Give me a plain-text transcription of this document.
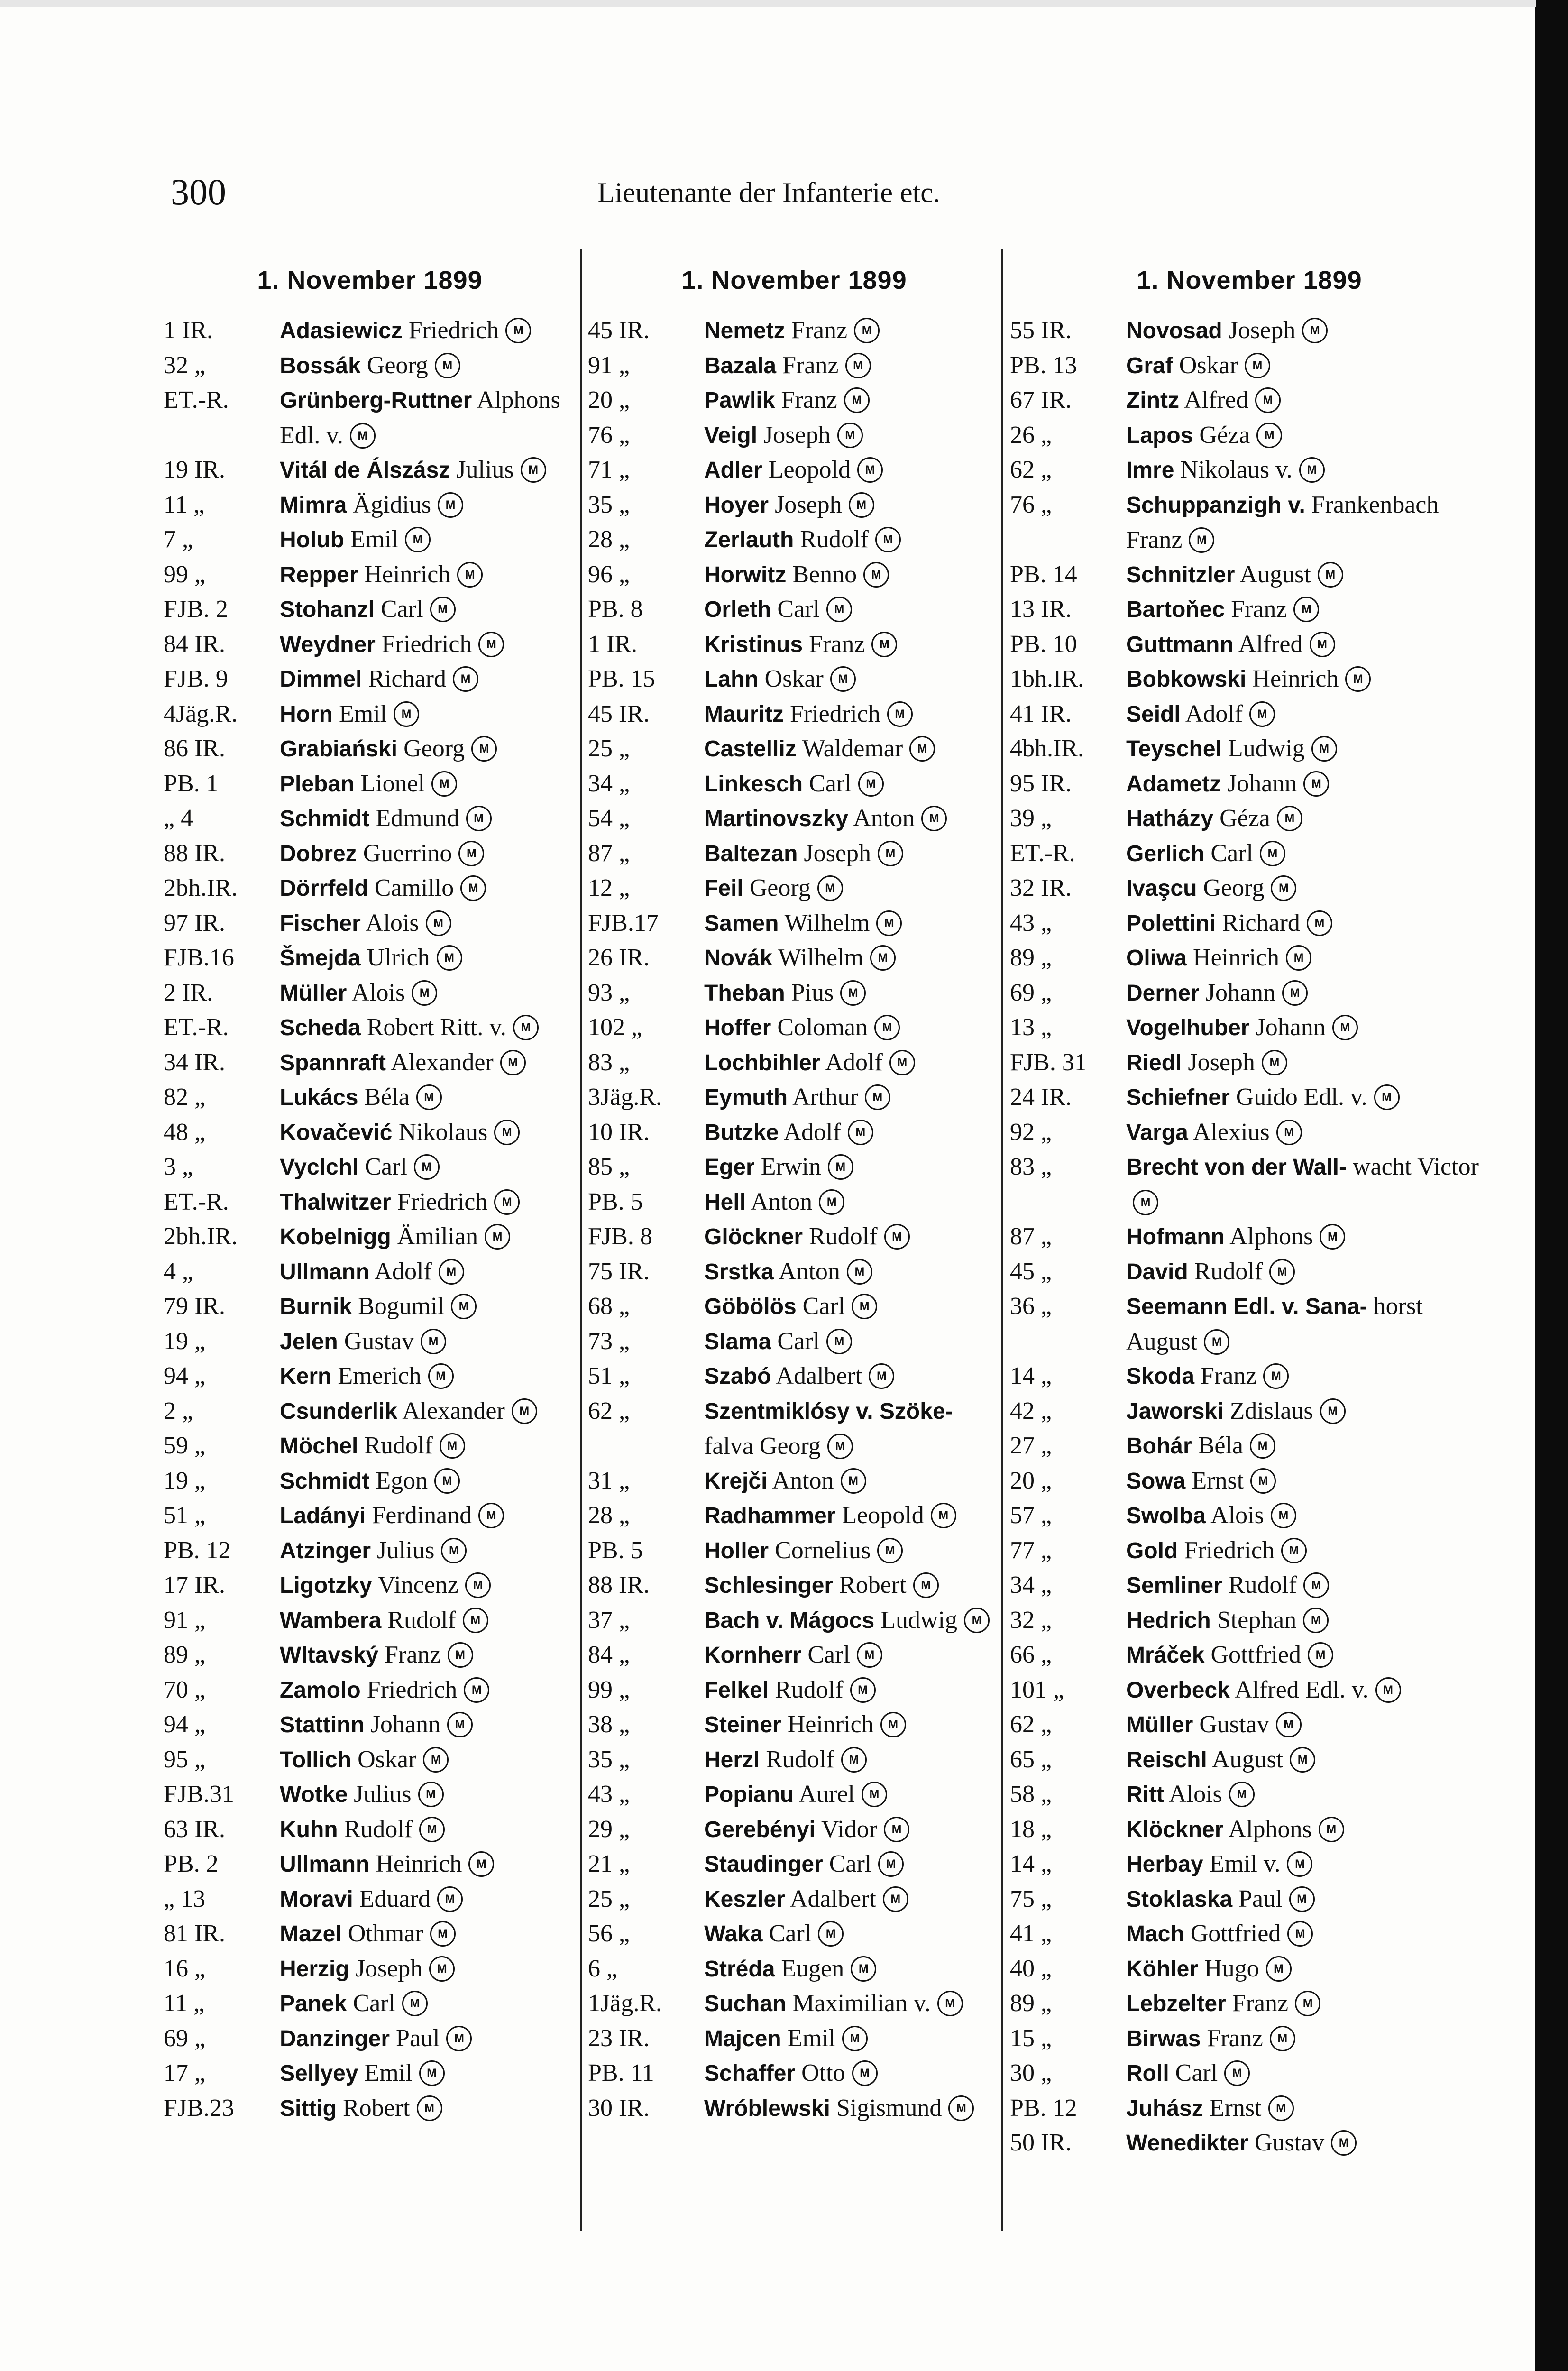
300	Lieutenante der Infanterie etc.
1. November 1899
1 IR.	Adasiewicz Friedrich M
32 „	Bossák Georg M
ET.-R.	Grünberg-Ruttner Alphons Edl. v. M
19 IR.	Vitál de Álszász Julius M
11 „	Mimra Ägidius M
7 „	Holub Emil M
99 „	Repper Heinrich M
FJB. 2	Stohanzl Carl M
84 IR.	Weydner Friedrich M
FJB. 9	Dimmel Richard M
4Jäg.R.	Horn Emil M
86 IR.	Grabiański Georg M
PB. 1	Pleban Lionel M
„ 4	Schmidt Edmund M
88 IR.	Dobrez Guerrino M
2bh.IR.	Dörrfeld Camillo M
97 IR.	Fischer Alois M
FJB.16	Šmejda Ulrich M
2 IR.	Müller Alois M
ET.-R.	Scheda Robert Ritt. v. M
34 IR.	Spannraft Alexander M
82 „	Lukács Béla M
48 „	Kovačević Nikolaus M
3 „	Vyclchl Carl M
ET.-R.	Thalwitzer Friedrich M
2bh.IR.	Kobelnigg Ämilian M
4 „	Ullmann Adolf M
79 IR.	Burnik Bogumil M
19 „	Jelen Gustav M
94 „	Kern Emerich M
2 „	Csunderlik Alexander M
59 „	Möchel Rudolf M
19 „	Schmidt Egon M
51 „	Ladányi Ferdinand M
PB. 12	Atzinger Julius M
17 IR.	Ligotzky Vincenz M
91 „	Wambera Rudolf M
89 „	Wltavský Franz M
70 „	Zamolo Friedrich M
94 „	Stattinn Johann M
95 „	Tollich Oskar M
FJB.31	Wotke Julius M
63 IR.	Kuhn Rudolf M
PB. 2	Ullmann Heinrich M
„ 13	Moravi Eduard M
81 IR.	Mazel Othmar M
16 „	Herzig Joseph M
11 „	Panek Carl M
69 „	Danzinger Paul M
17 „	Sellyey Emil M
FJB.23	Sittig Robert M
1. November 1899
45 IR.	Nemetz Franz M
91 „	Bazala Franz M
20 „	Pawlik Franz M
76 „	Veigl Joseph M
71 „	Adler Leopold M
35 „	Hoyer Joseph M
28 „	Zerlauth Rudolf M
96 „	Horwitz Benno M
PB. 8	Orleth Carl M
1 IR.	Kristinus Franz M
PB. 15	Lahn Oskar M
45 IR.	Mauritz Friedrich M
25 „	Castelliz Waldemar M
34 „	Linkesch Carl M
54 „	Martinovszky Anton M
87 „	Baltezan Joseph M
12 „	Feil Georg M
FJB.17	Samen Wilhelm M
26 IR.	Novák Wilhelm M
93 „	Theban Pius M
102 „	Hoffer Coloman M
83 „	Lochbihler Adolf M
3Jäg.R.	Eymuth Arthur M
10 IR.	Butzke Adolf M
85 „	Eger Erwin M
PB. 5	Hell Anton M
FJB. 8	Glöckner Rudolf M
75 IR.	Srstka Anton M
68 „	Göbölös Carl M
73 „	Slama Carl M
51 „	Szabó Adalbert M
62 „	Szentmiklósy v. Szöke- falva Georg M
31 „	Krejči Anton M
28 „	Radhammer Leopold M
PB. 5	Holler Cornelius M
88 IR.	Schlesinger Robert M
37 „	Bach v. Mágocs Ludwig M
84 „	Kornherr Carl M
99 „	Felkel Rudolf M
38 „	Steiner Heinrich M
35 „	Herzl Rudolf M
43 „	Popianu Aurel M
29 „	Gerebényi Vidor M
21 „	Staudinger Carl M
25 „	Keszler Adalbert M
56 „	Waka Carl M
6 „	Stréda Eugen M
1Jäg.R.	Suchan Maximilian v. M
23 IR.	Majcen Emil M
PB. 11	Schaffer Otto M
30 IR.	Wróblewski Sigismund M
1. November 1899
55 IR.	Novosad Joseph M
PB. 13	Graf Oskar M
67 IR.	Zintz Alfred M
26 „	Lapos Géza M
62 „	Imre Nikolaus v. M
76 „	Schuppanzigh v. Frankenbach Franz M
PB. 14	Schnitzler August M
13 IR.	Bartoňec Franz M
PB. 10	Guttmann Alfred M
1bh.IR.	Bobkowski Heinrich M
41 IR.	Seidl Adolf M
4bh.IR.	Teyschel Ludwig M
95 IR.	Adametz Johann M
39 „	Hatházy Géza M
ET.-R.	Gerlich Carl M
32 IR.	Ivaşcu Georg M
43 „	Polettini Richard M
89 „	Oliwa Heinrich M
69 „	Derner Johann M
13 „	Vogelhuber Johann M
FJB. 31	Riedl Joseph M
24 IR.	Schiefner Guido Edl. v. M
92 „	Varga Alexius M
83 „	Brecht von der Wall- wacht VictorM
87 „	Hofmann Alphons M
45 „	David Rudolf M
36 „	Seemann Edl. v. Sana- horst August M
14 „	Skoda Franz M
42 „	Jaworski Zdislaus M
27 „	Bohár Béla M
20 „	Sowa Ernst M
57 „	Swolba Alois M
77 „	Gold Friedrich M
34 „	Semliner Rudolf M
32 „	Hedrich Stephan M
66 „	Mráček Gottfried M
101 „	Overbeck Alfred Edl. v. M
62 „	Müller Gustav M
65 „	Reischl August M
58 „	Ritt Alois M
18 „	Klöckner Alphons M
14 „	Herbay Emil v. M
75 „	Stoklaska Paul M
41 „	Mach Gottfried M
40 „	Köhler Hugo M
89 „	Lebzelter Franz M
15 „	Birwas Franz M
30 „	Roll Carl M
PB. 12	Juhász Ernst M
50 IR.	Wenedikter Gustav M
